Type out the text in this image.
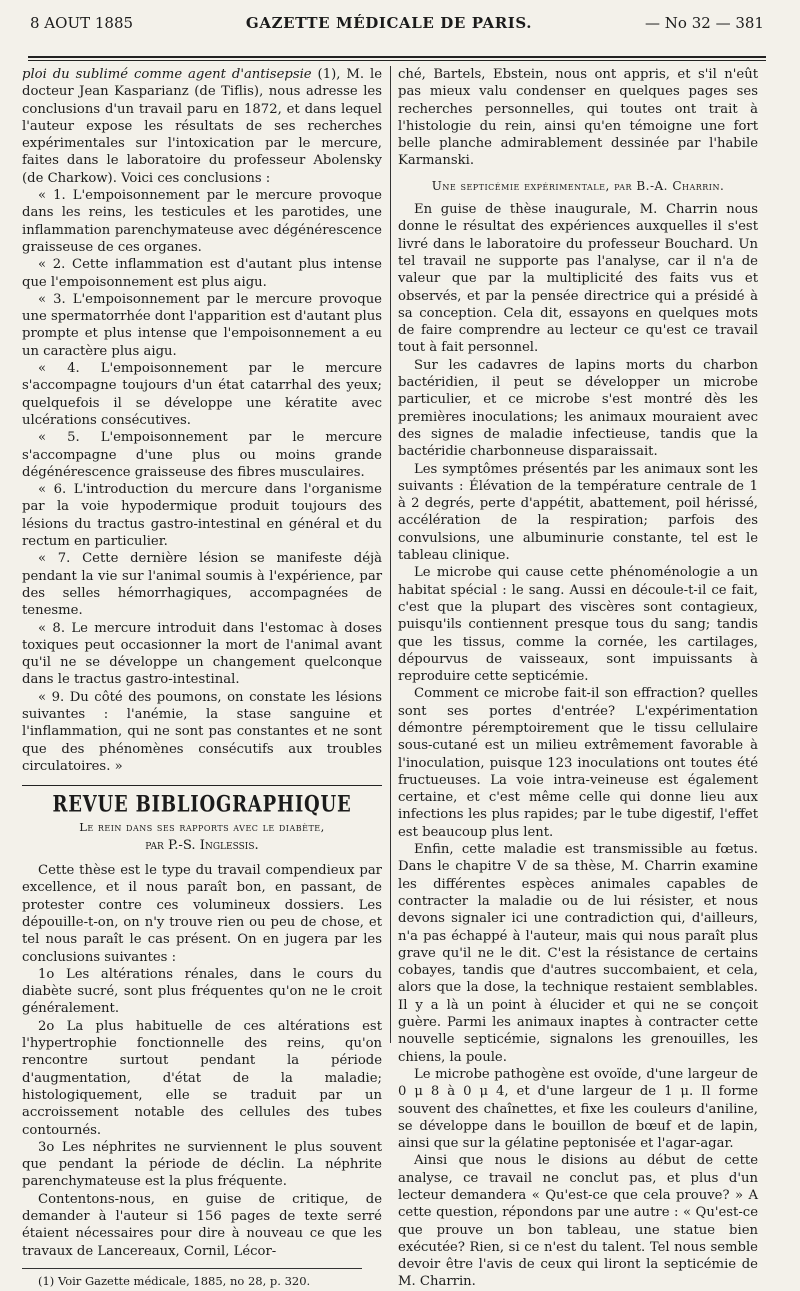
8 AOUT 1885	GAZETTE MÉDICALE DE PARIS.	— No 32 — 381

ploi du sublimé comme agent d'antisepsie (1), M. le docteur Jean Kasparianz (de Tiflis), nous adresse les conclusions d'un travail paru en 1872, et dans lequel l'auteur expose les résultats de ses recherches expérimentales sur l'intoxication par le mercure, faites dans le laboratoire du professeur Abolensky (de Charkow). Voici ces conclusions :

« 1. L'empoisonnement par le mercure provoque dans les reins, les testicules et les parotides, une inflammation parenchymateuse avec dégénérescence graisseuse de ces organes.

« 2. Cette inflammation est d'autant plus intense que l'empoisonnement est plus aigu.

« 3. L'empoisonnement par le mercure provoque une spermatorrhée dont l'apparition est d'autant plus prompte et plus intense que l'empoisonnement a eu un caractère plus aigu.

« 4. L'empoisonnement par le mercure s'accompagne toujours d'un état catarrhal des yeux; quelquefois il se développe une kératite avec ulcérations consécutives.

« 5. L'empoisonnement par le mercure s'accompagne d'une plus ou moins grande dégénérescence graisseuse des fibres musculaires.

« 6. L'introduction du mercure dans l'organisme par la voie hypodermique produit toujours des lésions du tractus gastro-intestinal en général et du rectum en particulier.

« 7. Cette dernière lésion se manifeste déjà pendant la vie sur l'animal soumis à l'expérience, par des selles hémorrhagiques, accompagnées de tenesme.

« 8. Le mercure introduit dans l'estomac à doses toxiques peut occasionner la mort de l'animal avant qu'il ne se développe un changement quelconque dans le tractus gastro-intestinal.

« 9. Du côté des poumons, on constate les lésions suivantes : l'anémie, la stase sanguine et l'inflammation, qui ne sont pas constantes et ne sont que des phénomènes consécutifs aux troubles circulatoires. »

REVUE BIBLIOGRAPHIQUE
Le rein dans ses rapports avec le diabète,
par P.-S. Inglessis.

Cette thèse est le type du travail compendieux par excellence, et il nous paraît bon, en passant, de protester contre ces volumineux dossiers. Les dépouille-t-on, on n'y trouve rien ou peu de chose, et tel nous paraît le cas présent. On en jugera par les conclusions suivantes :

1o Les altérations rénales, dans le cours du diabète sucré, sont plus fréquentes qu'on ne le croit généralement.

2o La plus habituelle de ces altérations est l'hypertrophie fonctionnelle des reins, qu'on rencontre surtout pendant la période d'augmentation, d'état de la maladie; histologiquement, elle se traduit par un accroissement notable des cellules des tubes contournés.

3o Les néphrites ne surviennent le plus souvent que pendant la période de déclin. La néphrite parenchymateuse est la plus fréquente.

Contentons-nous, en guise de critique, de demander à l'auteur si 156 pages de texte serré étaient nécessaires pour dire à nouveau ce que les travaux de Lancereaux, Cornil, Lécor-

(1) Voir Gazette médicale, 1885, no 28, p. 320.

ché, Bartels, Ebstein, nous ont appris, et s'il n'eût pas mieux valu condenser en quelques pages ses recherches personnelles, qui toutes ont trait à l'histologie du rein, ainsi qu'en témoigne une fort belle planche admirablement dessinée par l'habile Karmanski.

Une septicémie expérimentale, par B.-A. Charrin.

En guise de thèse inaugurale, M. Charrin nous donne le résultat des expériences auxquelles il s'est livré dans le laboratoire du professeur Bouchard. Un tel travail ne supporte pas l'analyse, car il n'a de valeur que par la multiplicité des faits vus et observés, et par la pensée directrice qui a présidé à sa conception. Cela dit, essayons en quelques mots de faire comprendre au lecteur ce qu'est ce travail tout à fait personnel.

Sur les cadavres de lapins morts du charbon bactéridien, il peut se développer un microbe particulier, et ce microbe s'est montré dès les premières inoculations; les animaux mouraient avec des signes de maladie infectieuse, tandis que la bactéridie charbonneuse disparaissait.

Les symptômes présentés par les animaux sont les suivants : Élévation de la température centrale de 1 à 2 degrés, perte d'appétit, abattement, poil hérissé, accélération de la respiration; parfois des convulsions, une albuminurie constante, tel est le tableau clinique.

Le microbe qui cause cette phénoménologie a un habitat spécial : le sang. Aussi en découle-t-il ce fait, c'est que la plupart des viscères sont contagieux, puisqu'ils contiennent presque tous du sang; tandis que les tissus, comme la cornée, les cartilages, dépourvus de vaisseaux, sont impuissants à reproduire cette septicémie.

Comment ce microbe fait-il son effraction? quelles sont ses portes d'entrée? L'expérimentation démontre péremptoirement que le tissu cellulaire sous-cutané est un milieu extrêmement favorable à l'inoculation, puisque 123 inoculations ont toutes été fructueuses. La voie intra-veineuse est également certaine, et c'est même celle qui donne lieu aux infections les plus rapides; par le tube digestif, l'effet est beaucoup plus lent.

Enfin, cette maladie est transmissible au fœtus. Dans le chapitre V de sa thèse, M. Charrin examine les différentes espèces animales capables de contracter la maladie ou de lui résister, et nous devons signaler ici une contradiction qui, d'ailleurs, n'a pas échappé à l'auteur, mais qui nous paraît plus grave qu'il ne le dit. C'est la résistance de certains cobayes, tandis que d'autres succombaient, et cela, alors que la dose, la technique restaient semblables. Il y a là un point à élucider et qui ne se conçoit guère. Parmi les animaux inaptes à contracter cette nouvelle septicémie, signalons les grenouilles, les chiens, la poule.

Le microbe pathogène est ovoïde, d'une largeur de 0 μ 8 à 0 μ 4, et d'une largeur de 1 μ. Il forme souvent des chaînettes, et fixe les couleurs d'aniline, se développe dans le bouillon de bœuf et de lapin, ainsi que sur la gélatine peptonisée et l'agar-agar.

Ainsi que nous le disions au début de cette analyse, ce travail ne conclut pas, et plus d'un lecteur demandera « Qu'est-ce que cela prouve? » A cette question, répondons par une autre : « Qu'est-ce que prouve un bon tableau, une statue bien exécutée? Rien, si ce n'est du talent. Tel nous semble devoir être l'avis de ceux qui liront la septicémie de M. Charrin.
